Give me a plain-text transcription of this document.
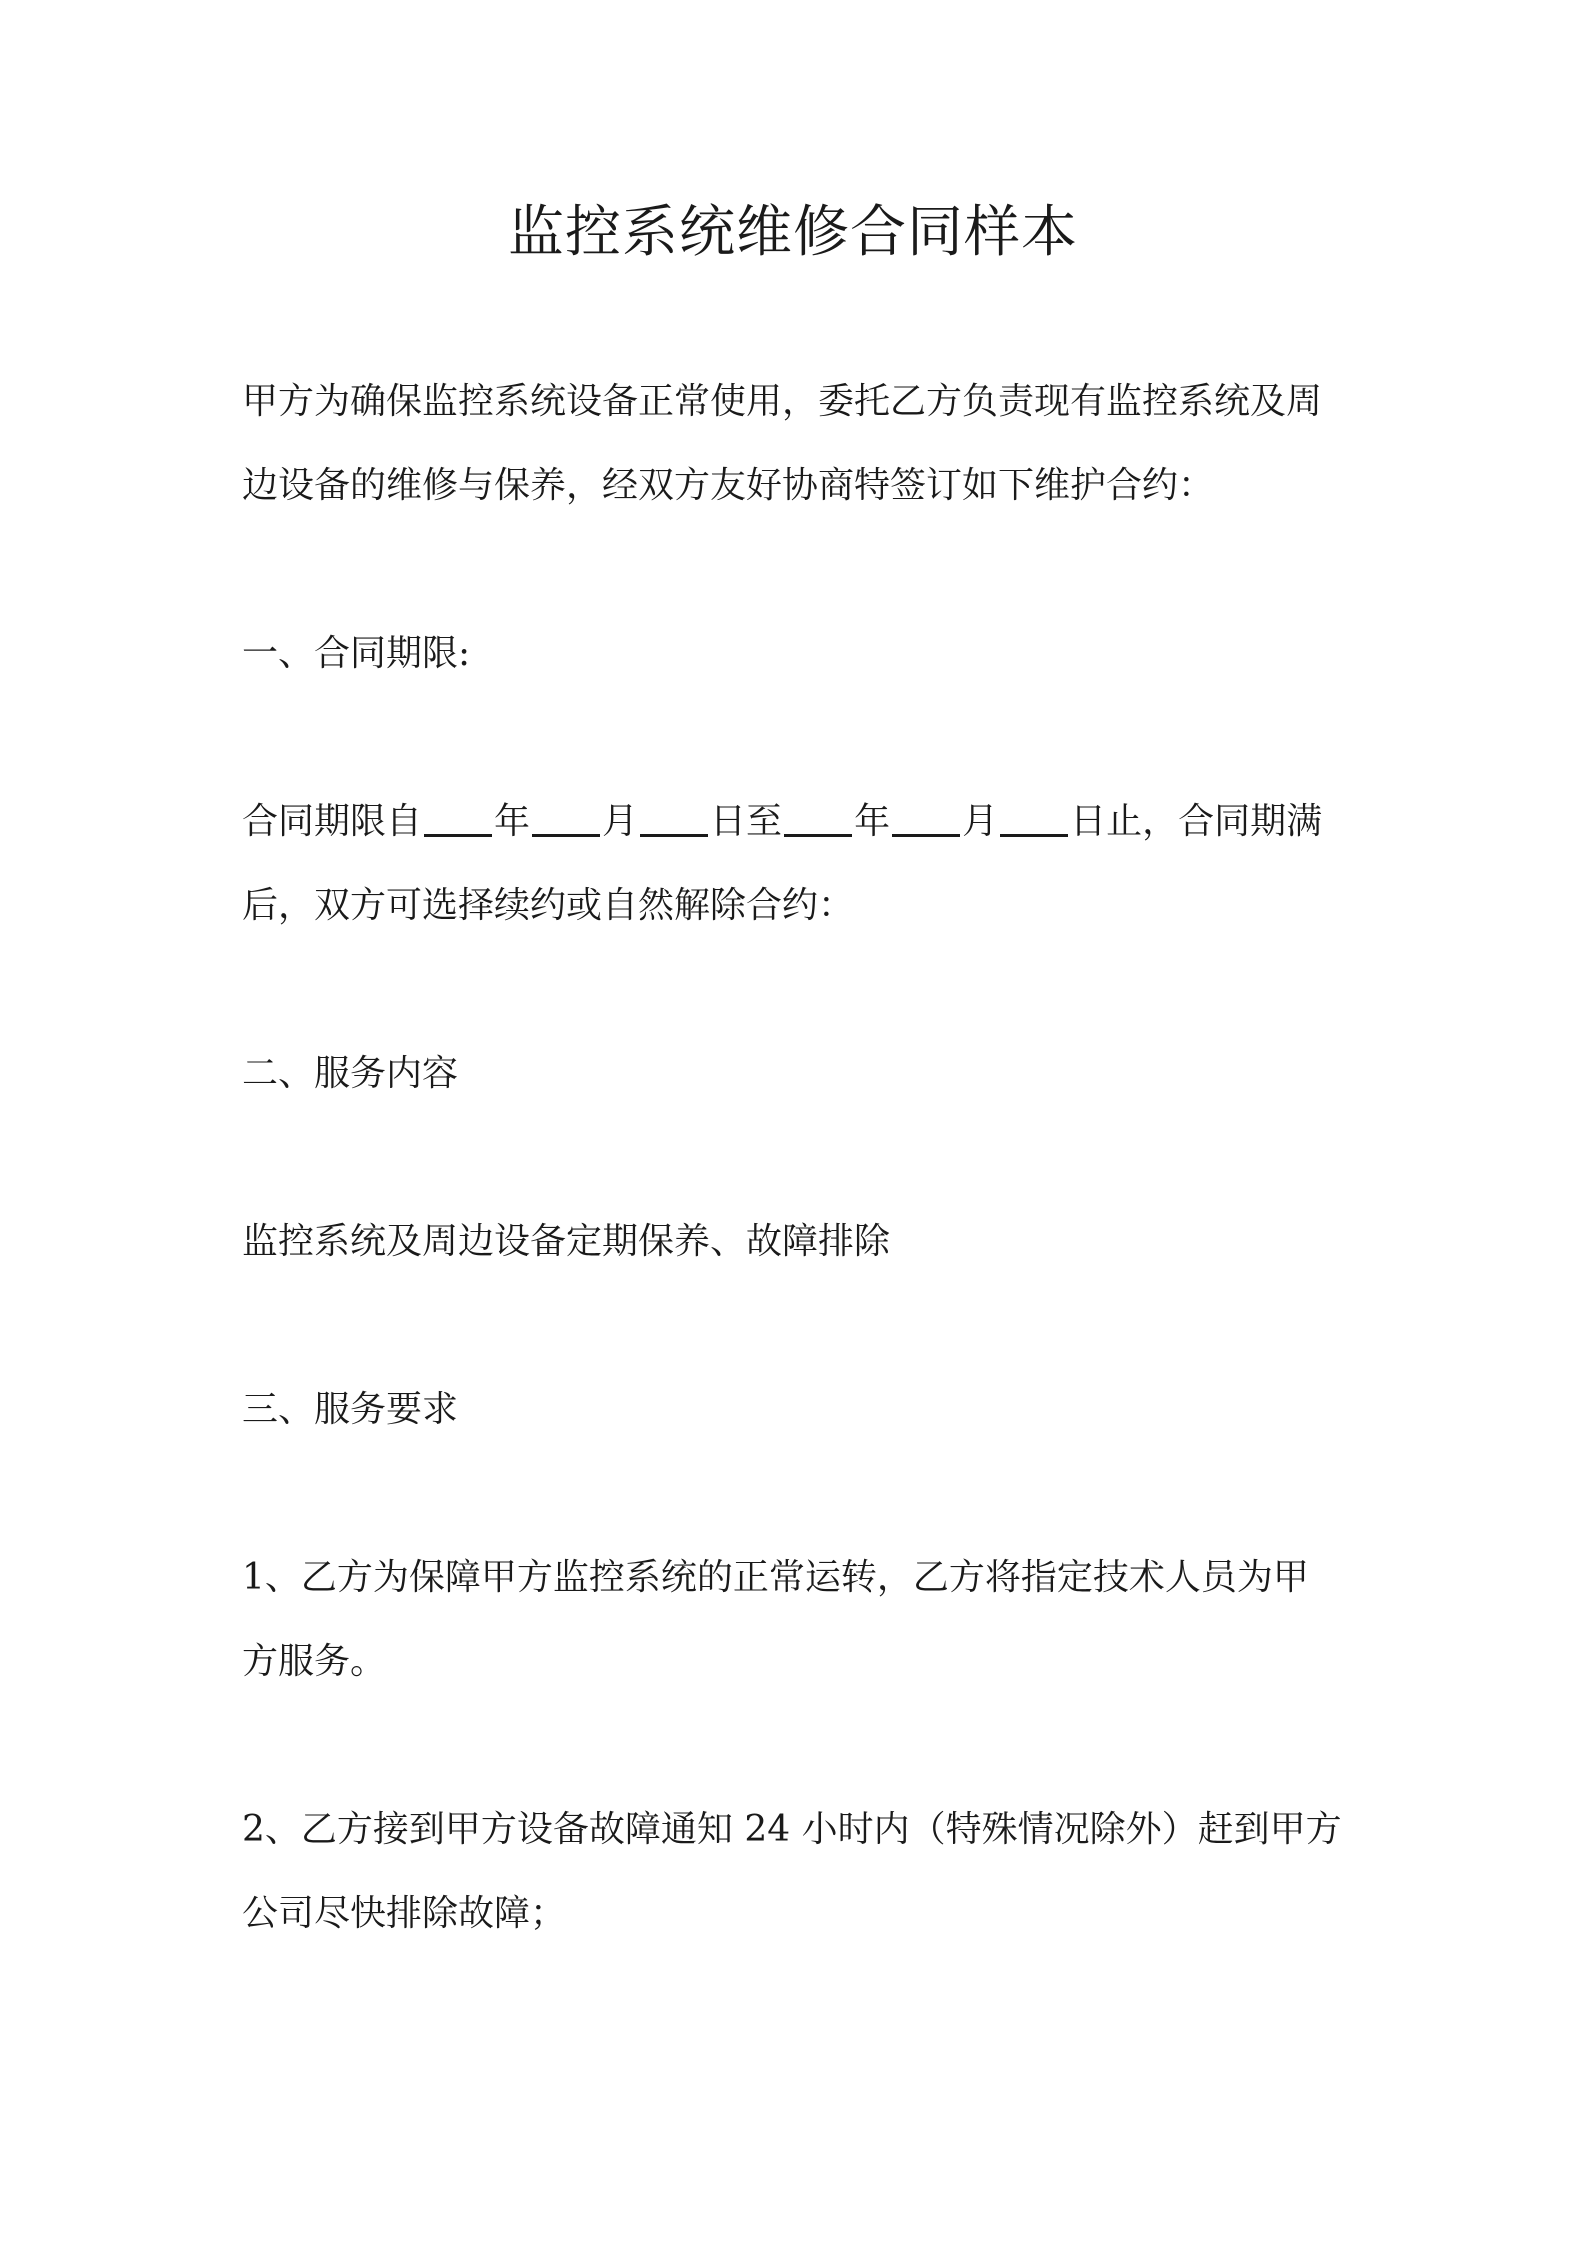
监控系统维修合同样本
甲方为确保监控系统设备正常使用，委托乙方负责现有监控系统及周
边设备的维修与保养，经双方友好协商特签订如下维护合约：
一、合同期限:
合同期限自 年 月 日至 年 月 日止，合同期满
后，双方可选择续约或自然解除合约：
二、服务内容
监控系统及周边设备定期保养、故障排除
三、服务要求
1、乙方为保障甲方监控系统的正常运转，乙方将指定技术人员为甲
方服务。
2、乙方接到甲方设备故障通知 24 小时内（特殊情况除外）赶到甲方
公司尽快排除故障；
